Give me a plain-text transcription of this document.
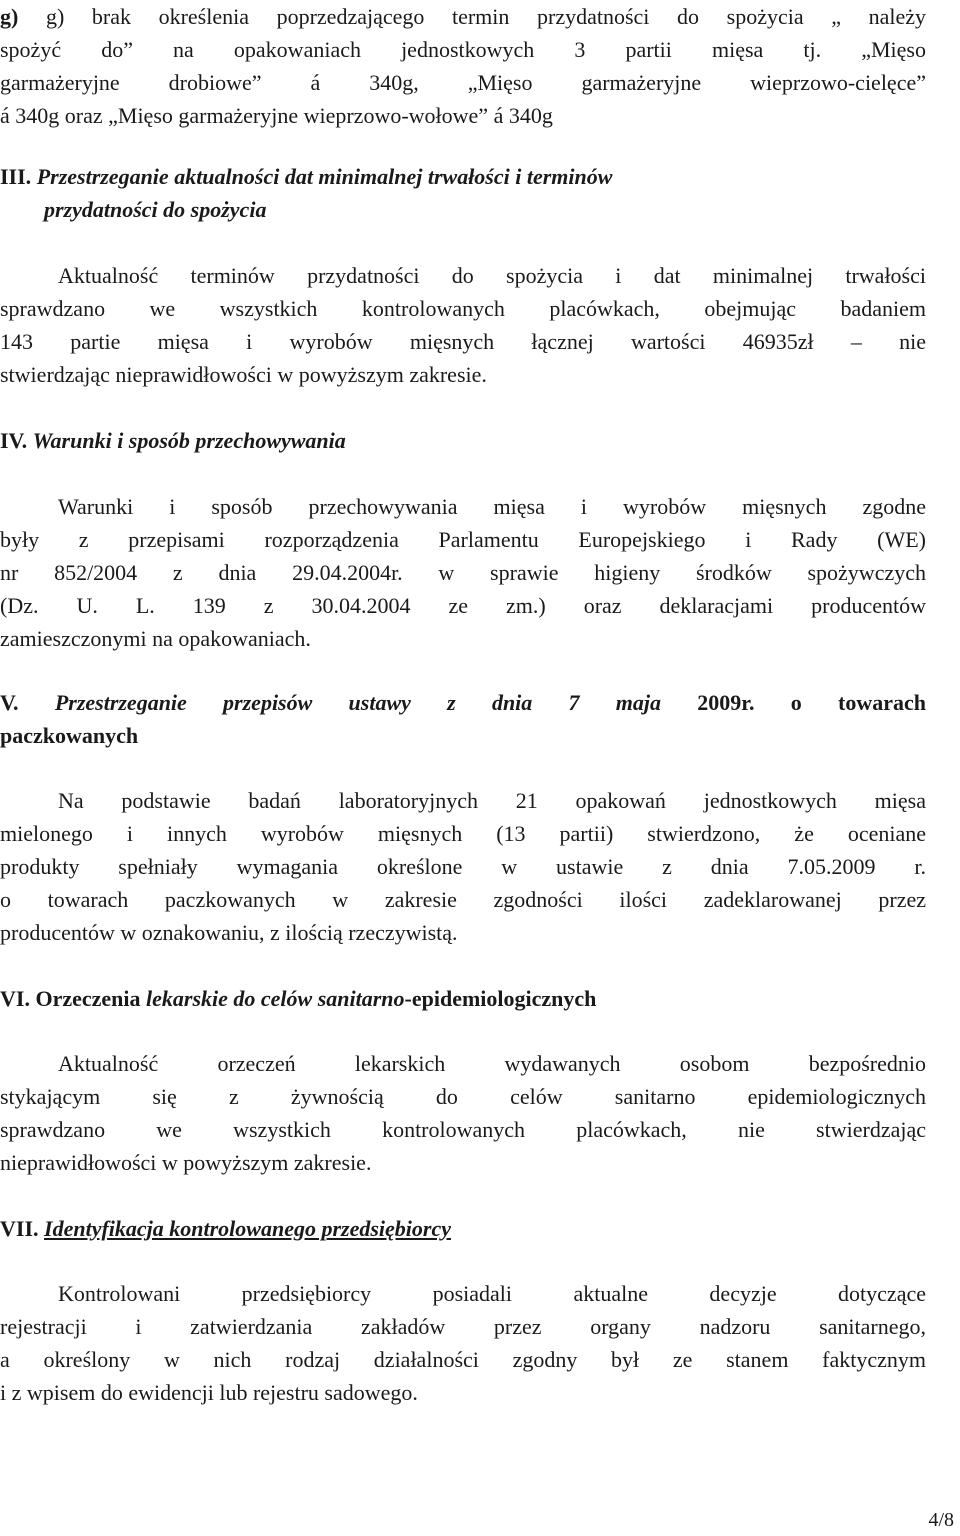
g) g) brak określenia poprzedzającego termin przydatności do spożycia „ należy
spożyć do” na opakowaniach jednostkowych 3 partii mięsa tj. „Mięso
garmażeryjne drobiowe” á 340g, „Mięso garmażeryjne wieprzowo-cielęce”
á 340g oraz „Mięso garmażeryjne wieprzowo-wołowe” á 340g
III. Przestrzeganie aktualności dat minimalnej trwałości i terminów
przydatności do spożycia
Aktualność terminów przydatności do spożycia i dat minimalnej trwałości
sprawdzano we wszystkich kontrolowanych placówkach, obejmując badaniem
143 partie mięsa i wyrobów mięsnych łącznej wartości 46935zł – nie
stwierdzając nieprawidłowości w powyższym zakresie.
IV. Warunki i sposób przechowywania
Warunki i sposób przechowywania mięsa i wyrobów mięsnych zgodne
były z przepisami rozporządzenia Parlamentu Europejskiego i Rady (WE)
nr 852/2004 z dnia 29.04.2004r. w sprawie higieny środków spożywczych
(Dz. U. L. 139 z 30.04.2004 ze zm.) oraz deklaracjami producentów
zamieszczonymi na opakowaniach.
V. Przestrzeganie przepisów ustawy z dnia 7 maja 2009r. o towarach
paczkowanych
Na podstawie badań laboratoryjnych 21 opakowań jednostkowych mięsa
mielonego i innych wyrobów mięsnych (13 partii) stwierdzono, że oceniane
produkty spełniały wymagania określone w ustawie z dnia 7.05.2009 r.
o towarach paczkowanych w zakresie zgodności ilości zadeklarowanej przez
producentów w oznakowaniu, z ilością rzeczywistą.
VI. Orzeczenia lekarskie do celów sanitarno-epidemiologicznych
Aktualność orzeczeń lekarskich wydawanych osobom bezpośrednio
stykającym się z żywnością do celów sanitarno epidemiologicznych
sprawdzano we wszystkich kontrolowanych placówkach, nie stwierdzając
nieprawidłowości w powyższym zakresie.
VII. Identyfikacja kontrolowanego przedsiębiorcy
Kontrolowani przedsiębiorcy posiadali aktualne decyzje dotyczące
rejestracji i zatwierdzania zakładów przez organy nadzoru sanitarnego,
a określony w nich rodzaj działalności zgodny był ze stanem faktycznym
i z wpisem do ewidencji lub rejestru sadowego.
4/8
